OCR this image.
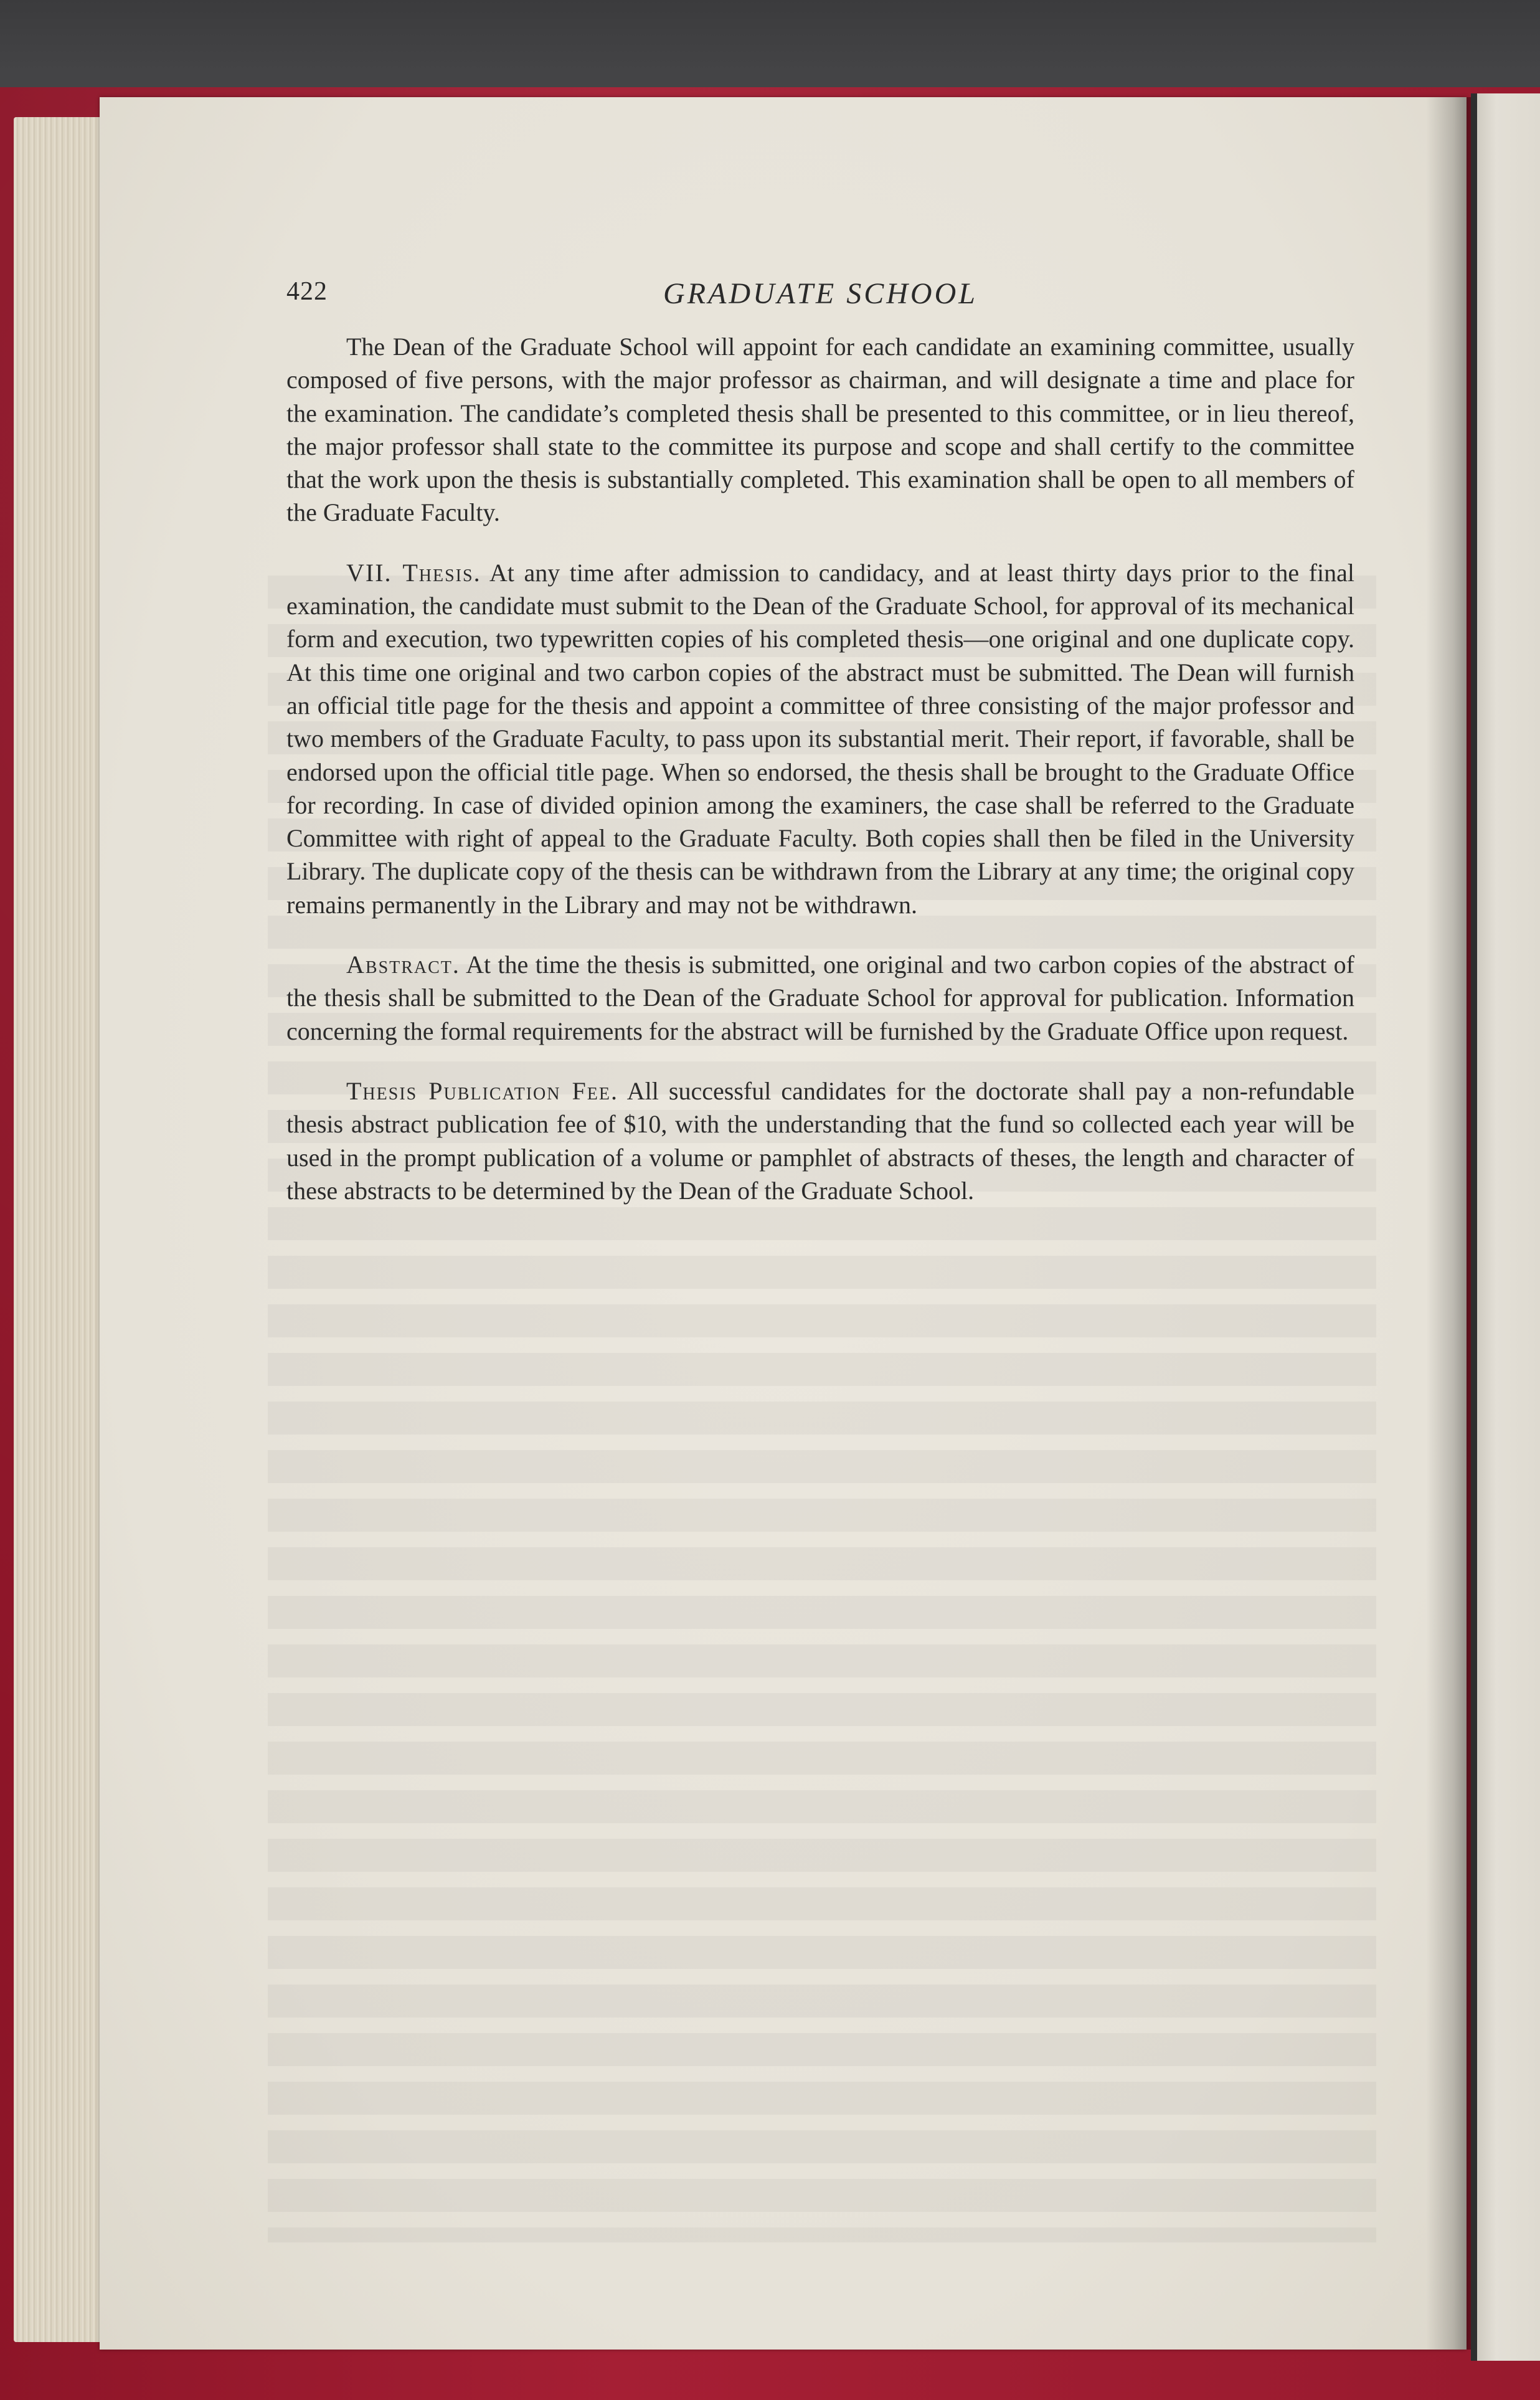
422	GRADUATE SCHOOL

The Dean of the Graduate School will appoint for each candidate an examining committee, usually composed of five persons, with the major professor as chairman, and will designate a time and place for the examination. The candidate’s completed thesis shall be presented to this committee, or in lieu thereof, the major professor shall state to the committee its purpose and scope and shall certify to the committee that the work upon the thesis is substantially completed. This examination shall be open to all members of the Graduate Faculty.

VII. Thesis. At any time after admission to candidacy, and at least thirty days prior to the final examination, the candidate must submit to the Dean of the Graduate School, for approval of its mechanical form and execution, two typewritten copies of his completed thesis—one original and one duplicate copy. At this time one original and two carbon copies of the abstract must be submitted. The Dean will furnish an official title page for the thesis and appoint a committee of three consisting of the major professor and two members of the Graduate Faculty, to pass upon its substantial merit. Their report, if favorable, shall be endorsed upon the official title page. When so endorsed, the thesis shall be brought to the Graduate Office for recording. In case of divided opinion among the examiners, the case shall be referred to the Graduate Committee with right of appeal to the Graduate Faculty. Both copies shall then be filed in the University Library. The duplicate copy of the thesis can be withdrawn from the Library at any time; the original copy remains permanently in the Library and may not be withdrawn.

Abstract. At the time the thesis is submitted, one original and two carbon copies of the abstract of the thesis shall be submitted to the Dean of the Graduate School for approval for publication. Information concerning the formal requirements for the abstract will be furnished by the Graduate Office upon request.

Thesis Publication Fee. All successful candidates for the doctorate shall pay a non-refundable thesis abstract publication fee of $10, with the understanding that the fund so collected each year will be used in the prompt publication of a volume or pamphlet of abstracts of theses, the length and character of these abstracts to be determined by the Dean of the Graduate School.
